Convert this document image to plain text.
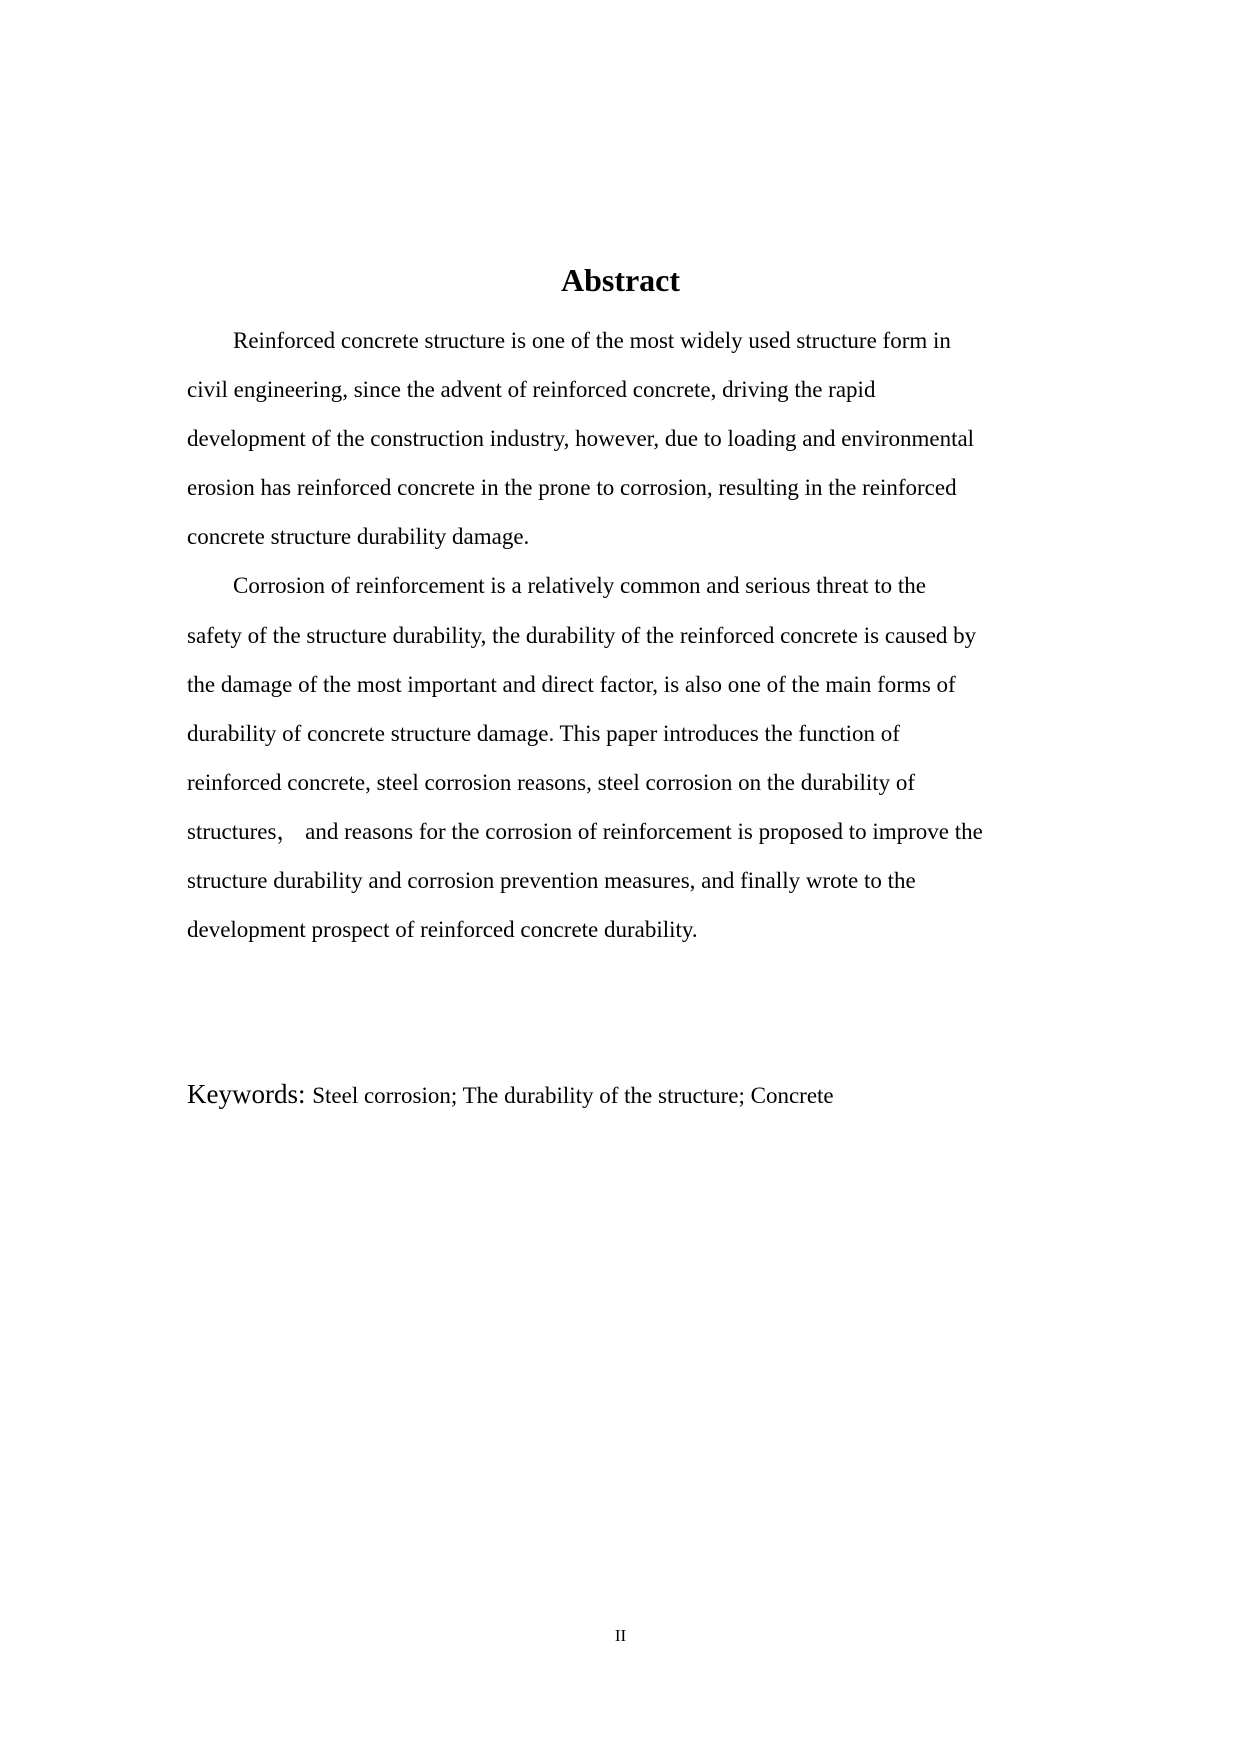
Abstract

Reinforced concrete structure is one of the most widely used structure form in
civil engineering, since the advent of reinforced concrete, driving the rapid
development of the construction industry, however, due to loading and environmental
erosion has reinforced concrete in the prone to corrosion, resulting in the reinforced
concrete structure durability damage.

Corrosion of reinforcement is a relatively common and serious threat to the
safety of the structure durability, the durability of the reinforced concrete is caused by
the damage of the most important and direct factor, is also one of the main forms of
durability of concrete structure damage. This paper introduces the function of
reinforced concrete, steel corrosion reasons, steel corrosion on the durability of
structures， and reasons for the corrosion of reinforcement is proposed to improve the
structure durability and corrosion prevention measures, and finally wrote to the
development prospect of reinforced concrete durability.

Keywords: Steel corrosion; The durability of the structure; Concrete
II
